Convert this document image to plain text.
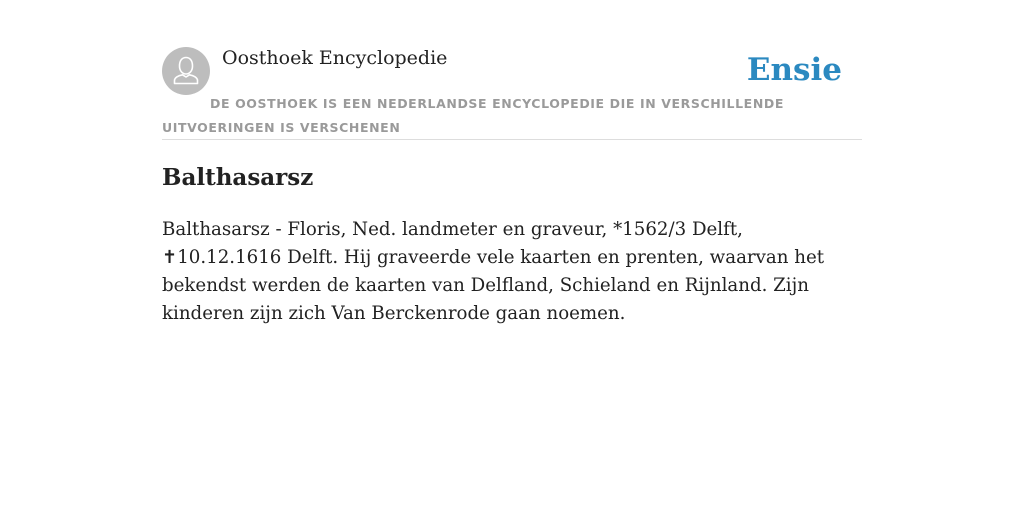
Oosthoek Encyclopedie	Ensie
DE OOSTHOEK IS EEN NEDERLANDSE ENCYCLOPEDIE DIE IN VERSCHILLENDE UITVOERINGEN IS VERSCHENEN
Balthasarsz

Balthasarsz - Floris, Ned. landmeter en graveur, *1562/3 Delft, ✝10.12.1616 Delft. Hij graveerde vele kaarten en prenten, waarvan het bekendst werden de kaarten van Delfland, Schieland en Rijnland. Zijn kinderen zijn zich Van Berckenrode gaan noemen.
